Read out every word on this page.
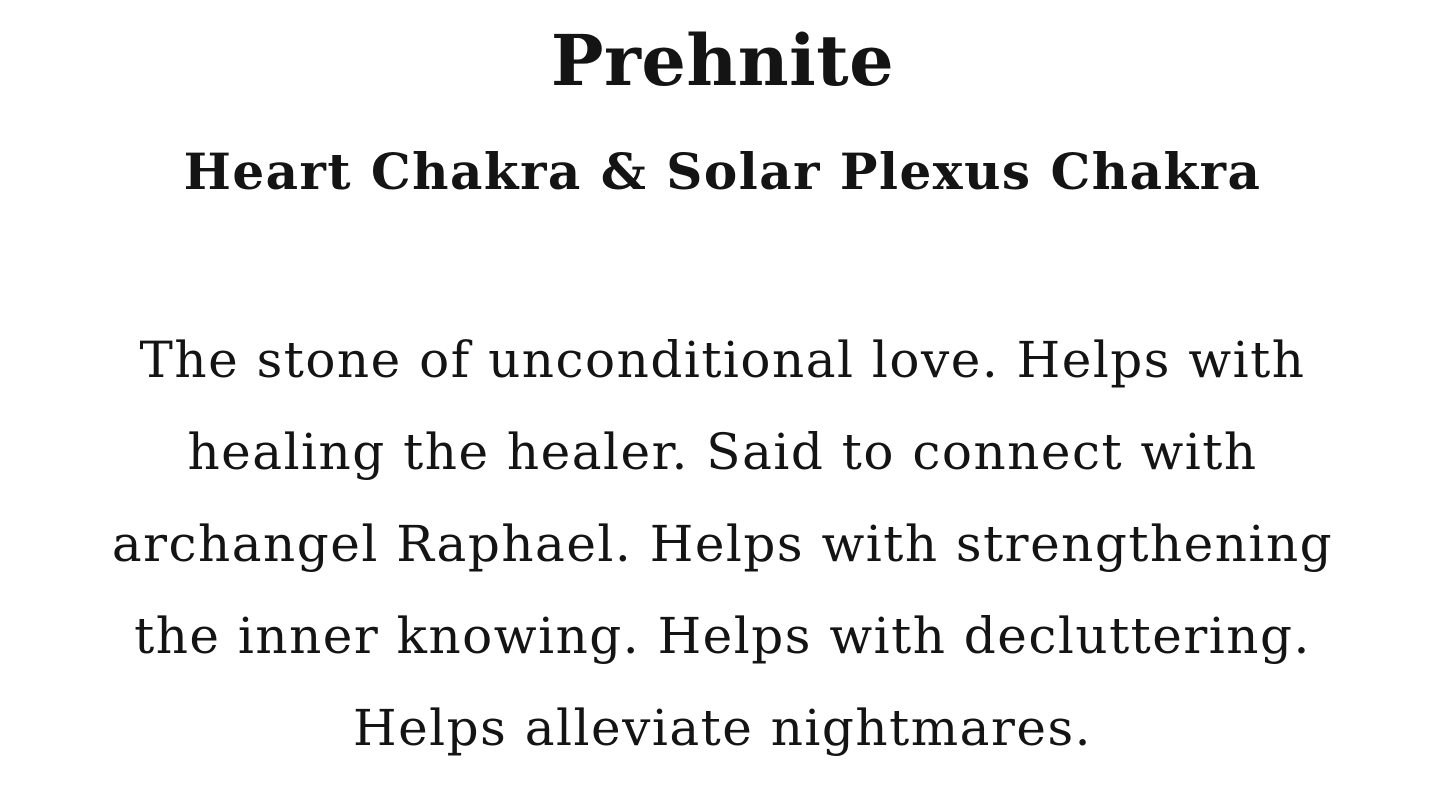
Prehnite
Heart Chakra & Solar Plexus Chakra

The stone of unconditional love. Helps with
healing the healer. Said to connect with
archangel Raphael. Helps with strengthening
the inner knowing. Helps with decluttering.
Helps alleviate nightmares.
